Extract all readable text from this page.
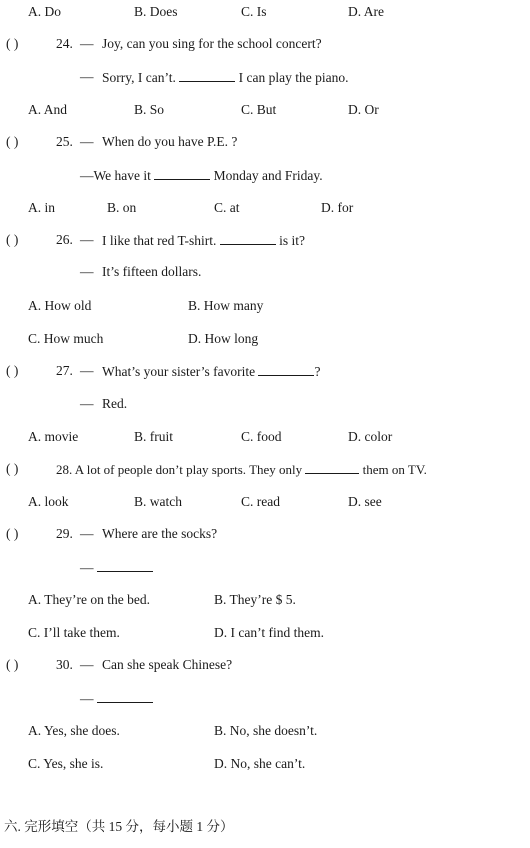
A. Do	B. Does	C. Is	D. Are
( )	24. — Joy, can you sing for the school concert?
— Sorry, I can’t.	I can play the piano.
A. And	B. So	C. But	D. Or
( )	25. — When do you have P.E. ?
—We have it	Monday and Friday.
A. in	B. on	C. at	D. for
( )	26. — I like that red T-shirt.	is it?
— It’s fifteen dollars.
A. How old	B. How many
C. How much	D. How long
( )	27. — What’s your sister’s favorite	?
— Red.
A. movie	B. fruit	C. food	D. color
( )	28. A lot of people don’t play sports. They only	them on TV.
A. look	B. watch	C. read	D. see
( )	29. — Where are the socks?
—
A. They’re on the bed.	B. They’re $ 5.
C. I’ll take them.	D. I can’t find them.
( )	30. — Can she speak Chinese?
—
A. Yes, she does.	B. No, she doesn’t.
C. Yes, she is.	D. No, she can’t.
六. 完形填空（共 15 分，每小题 1 分）
